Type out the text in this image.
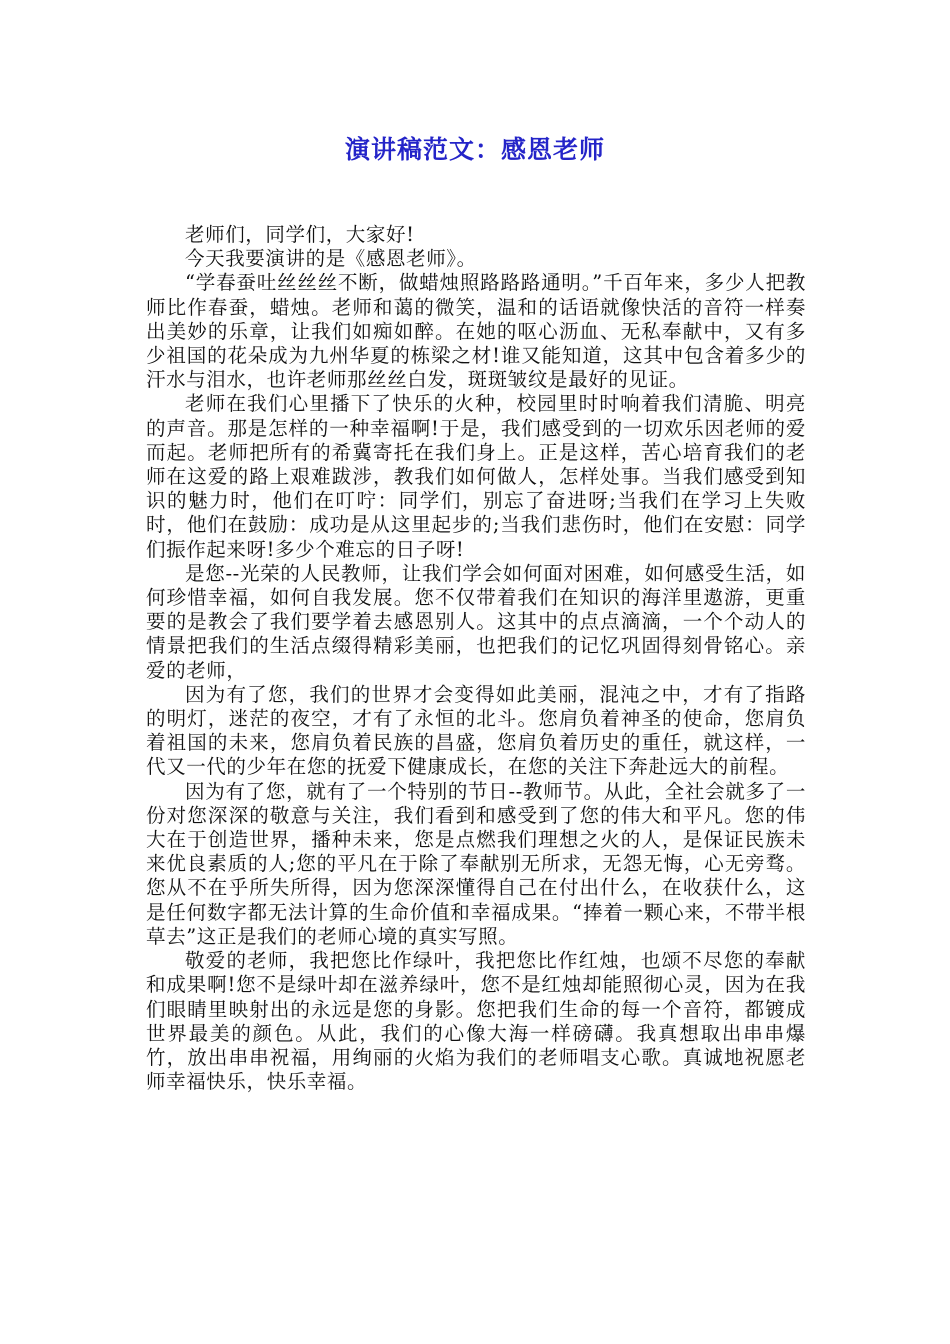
演讲稿范文：感恩老师

老师们，同学们，大家好!

今天我要演讲的是《感恩老师》。

“学春蚕吐丝丝丝不断，做蜡烛照路路路通明。”千百年来，多少人把教师比作春蚕，蜡烛。老师和蔼的微笑，温和的话语就像快活的音符一样奏出美妙的乐章，让我们如痴如醉。在她的呕心沥血、无私奉献中，又有多少祖国的花朵成为九州华夏的栋梁之材!谁又能知道，这其中包含着多少的汗水与泪水，也许老师那丝丝白发，斑斑皱纹是最好的见证。

老师在我们心里播下了快乐的火种，校园里时时响着我们清脆、明亮的声音。那是怎样的一种幸福啊!于是，我们感受到的一切欢乐因老师的爱而起。老师把所有的希冀寄托在我们身上。正是这样，苦心培育我们的老师在这爱的路上艰难跋涉，教我们如何做人，怎样处事。当我们感受到知识的魅力时，他们在叮咛：同学们，别忘了奋进呀;当我们在学习上失败时，他们在鼓励：成功是从这里起步的;当我们悲伤时，他们在安慰：同学们振作起来呀!多少个难忘的日子呀!

是您--光荣的人民教师，让我们学会如何面对困难，如何感受生活，如何珍惜幸福，如何自我发展。您不仅带着我们在知识的海洋里遨游，更重要的是教会了我们要学着去感恩别人。这其中的点点滴滴，一个个动人的情景把我们的生活点缀得精彩美丽，也把我们的记忆巩固得刻骨铭心。亲爱的老师，

因为有了您，我们的世界才会变得如此美丽，混沌之中，才有了指路的明灯，迷茫的夜空，才有了永恒的北斗。您肩负着神圣的使命，您肩负着祖国的未来，您肩负着民族的昌盛，您肩负着历史的重任，就这样，一代又一代的少年在您的抚爱下健康成长，在您的关注下奔赴远大的前程。

因为有了您，就有了一个特别的节日--教师节。从此，全社会就多了一份对您深深的敬意与关注，我们看到和感受到了您的伟大和平凡。您的伟大在于创造世界，播种未来，您是点燃我们理想之火的人，是保证民族未来优良素质的人;您的平凡在于除了奉献别无所求，无怨无悔，心无旁骛。您从不在乎所失所得，因为您深深懂得自己在付出什么，在收获什么，这是任何数字都无法计算的生命价值和幸福成果。“捧着一颗心来，不带半根草去”这正是我们的老师心境的真实写照。

敬爱的老师，我把您比作绿叶，我把您比作红烛，也颂不尽您的奉献和成果啊!您不是绿叶却在滋养绿叶，您不是红烛却能照彻心灵，因为在我们眼睛里映射出的永远是您的身影。您把我们生命的每一个音符，都镀成世界最美的颜色。从此，我们的心像大海一样磅礴。我真想取出串串爆竹，放出串串祝福，用绚丽的火焰为我们的老师唱支心歌。真诚地祝愿老师幸福快乐，快乐幸福。
